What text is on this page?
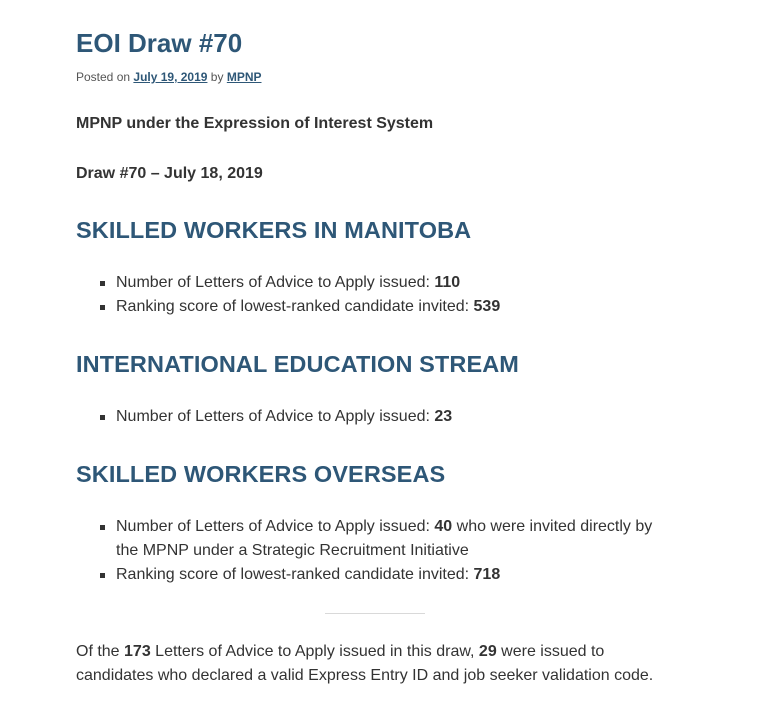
EOI Draw #70
Posted on July 19, 2019 by MPNP

MPNP under the Expression of Interest System

Draw #70 – July 18, 2019

SKILLED WORKERS IN MANITOBA
Number of Letters of Advice to Apply issued: 110
Ranking score of lowest-ranked candidate invited: 539
INTERNATIONAL EDUCATION STREAM
Number of Letters of Advice to Apply issued: 23
SKILLED WORKERS OVERSEAS
Number of Letters of Advice to Apply issued: 40 who were invited directly by the MPNP under a Strategic Recruitment Initiative
Ranking score of lowest-ranked candidate invited: 718

Of the 173 Letters of Advice to Apply issued in this draw, 29 were issued to candidates who declared a valid Express Entry ID and job seeker validation code.
